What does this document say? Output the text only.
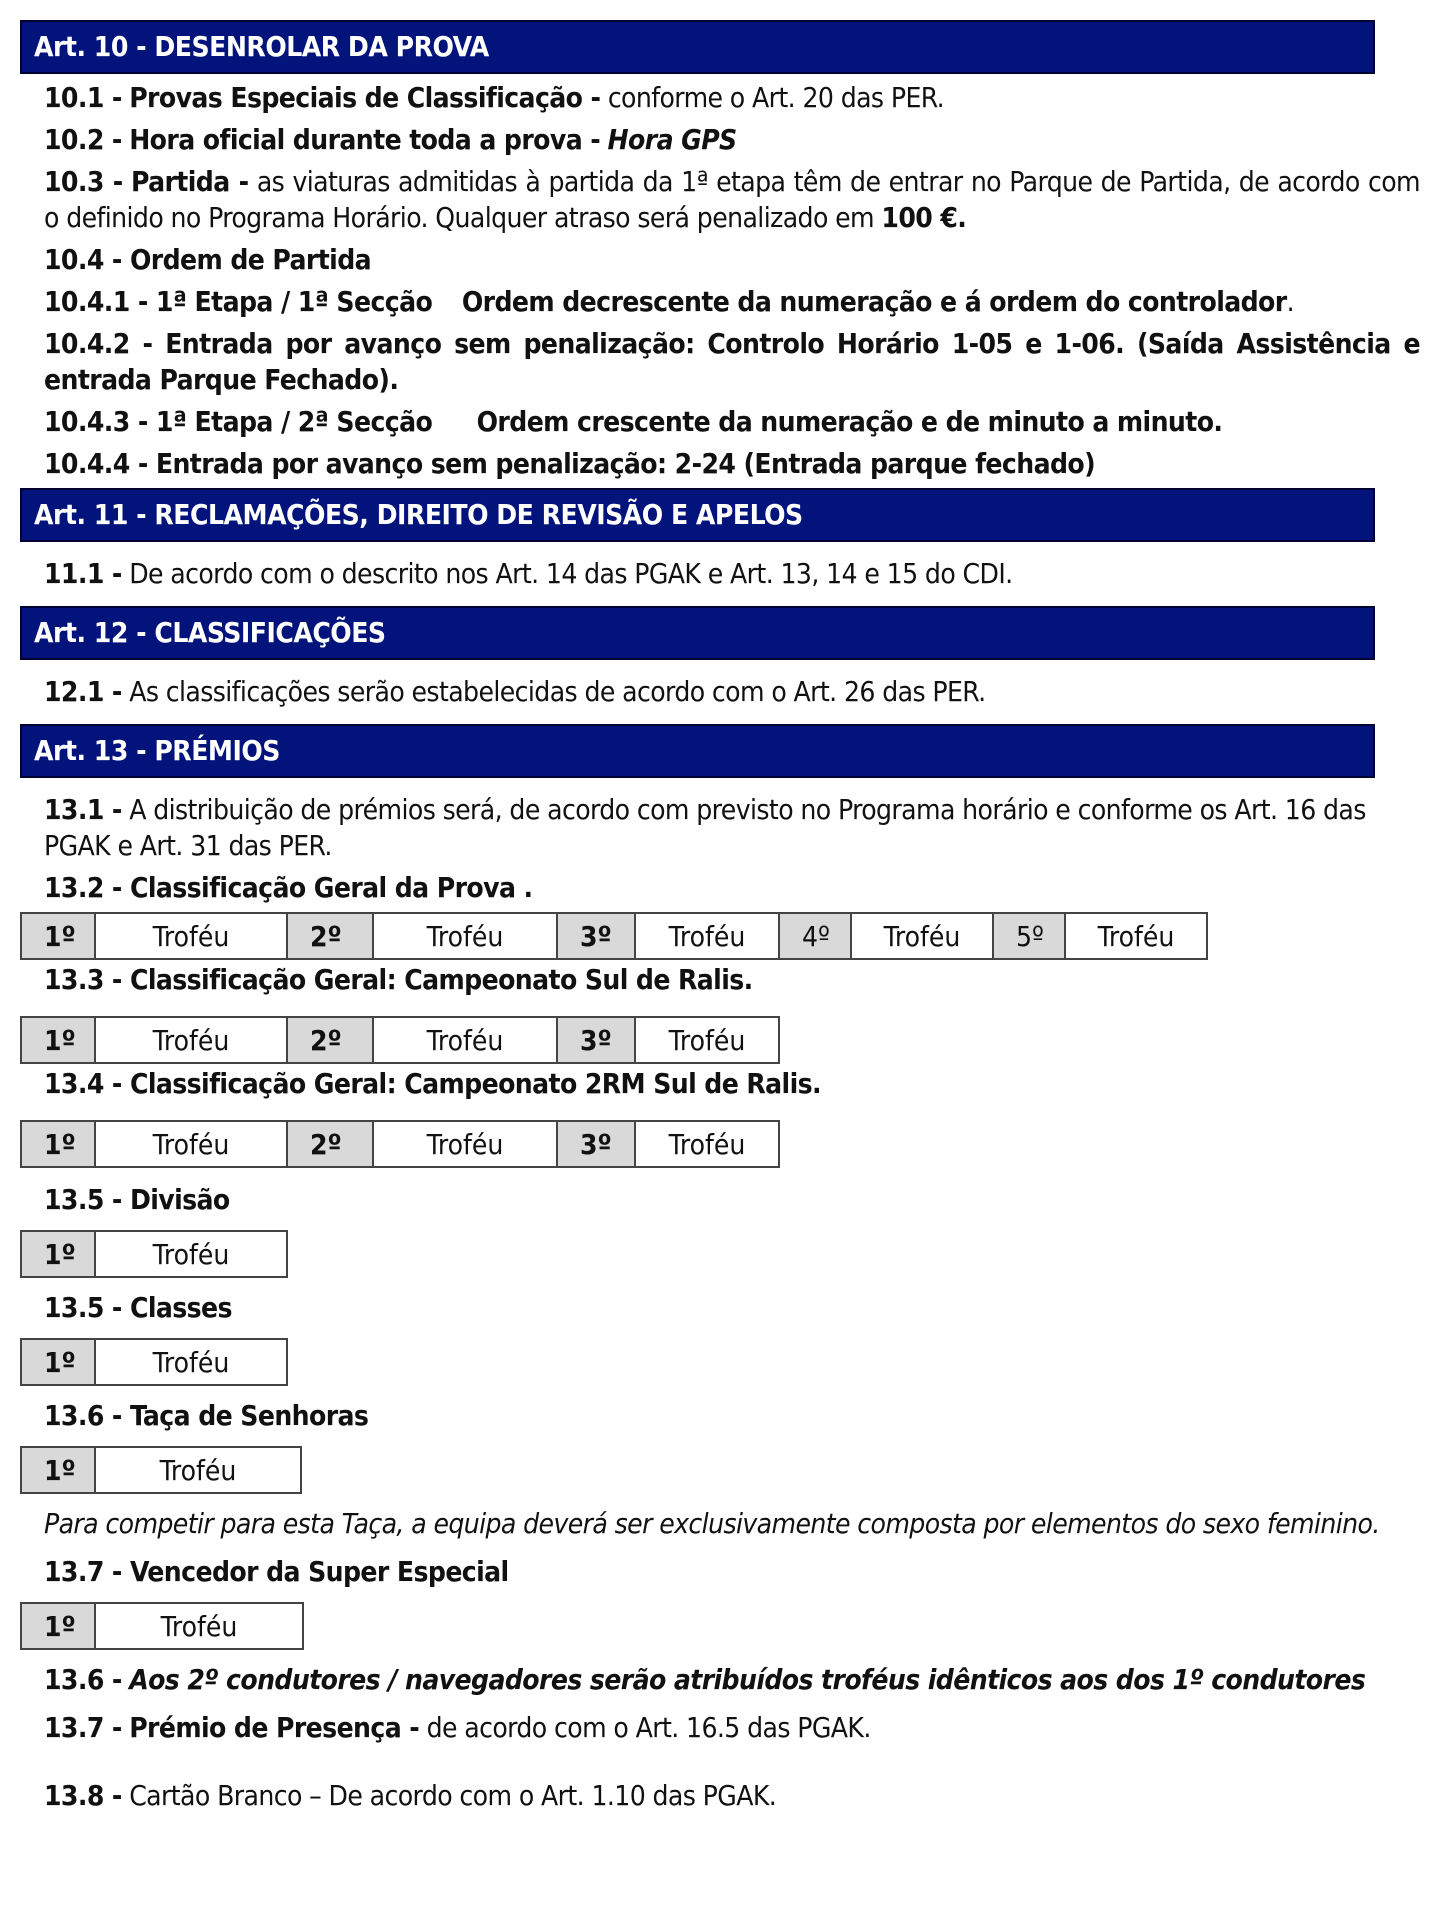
Art. 10 - DESENROLAR DA PROVA
10.1 - Provas Especiais de Classificação - conforme o Art. 20 das PER.
10.2 - Hora oficial durante toda a prova - Hora GPS
10.3 - Partida - as viaturas admitidas à partida da 1ª etapa têm de entrar no Parque de Partida, de acordo com o definido no Programa Horário. Qualquer atraso será penalizado em 100 €.
10.4 - Ordem de Partida
10.4.1 - 1ª Etapa / 1ª Secção Ordem decrescente da numeração e á ordem do controlador.
10.4.2 - Entrada por avanço sem penalização: Controlo Horário 1-05 e 1-06. (Saída Assistência e entrada Parque Fechado).
10.4.3 - 1ª Etapa / 2ª Secção Ordem crescente da numeração e de minuto a minuto.
10.4.4 - Entrada por avanço sem penalização: 2-24 (Entrada parque fechado)
Art. 11 - RECLAMAÇÕES, DIREITO DE REVISÃO E APELOS
11.1 - De acordo com o descrito nos Art. 14 das PGAK e Art. 13, 14 e 15 do CDI.
Art. 12 - CLASSIFICAÇÕES
12.1 - As classificações serão estabelecidas de acordo com o Art. 26 das PER.
Art. 13 - PRÉMIOS
13.1 - A distribuição de prémios será, de acordo com previsto no Programa horário e conforme os Art. 16 das PGAK e Art. 31 das PER.
13.2 - Classificação Geral da Prova .
1º	Troféu	2º	Troféu	3º	Troféu	4º	Troféu	5º	Troféu
13.3 - Classificação Geral: Campeonato Sul de Ralis.
1º	Troféu	2º	Troféu	3º	Troféu
13.4 - Classificação Geral: Campeonato 2RM Sul de Ralis.
1º	Troféu	2º	Troféu	3º	Troféu
13.5 - Divisão
1º	Troféu
13.5 - Classes
1º	Troféu
13.6 - Taça de Senhoras
1º	Troféu
Para competir para esta Taça, a equipa deverá ser exclusivamente composta por elementos do sexo feminino.
13.7 - Vencedor da Super Especial
1º	Troféu
13.6 - Aos 2º condutores / navegadores serão atribuídos troféus idênticos aos dos 1º condutores
13.7 - Prémio de Presença - de acordo com o Art. 16.5 das PGAK.
13.8 - Cartão Branco – De acordo com o Art. 1.10 das PGAK.
